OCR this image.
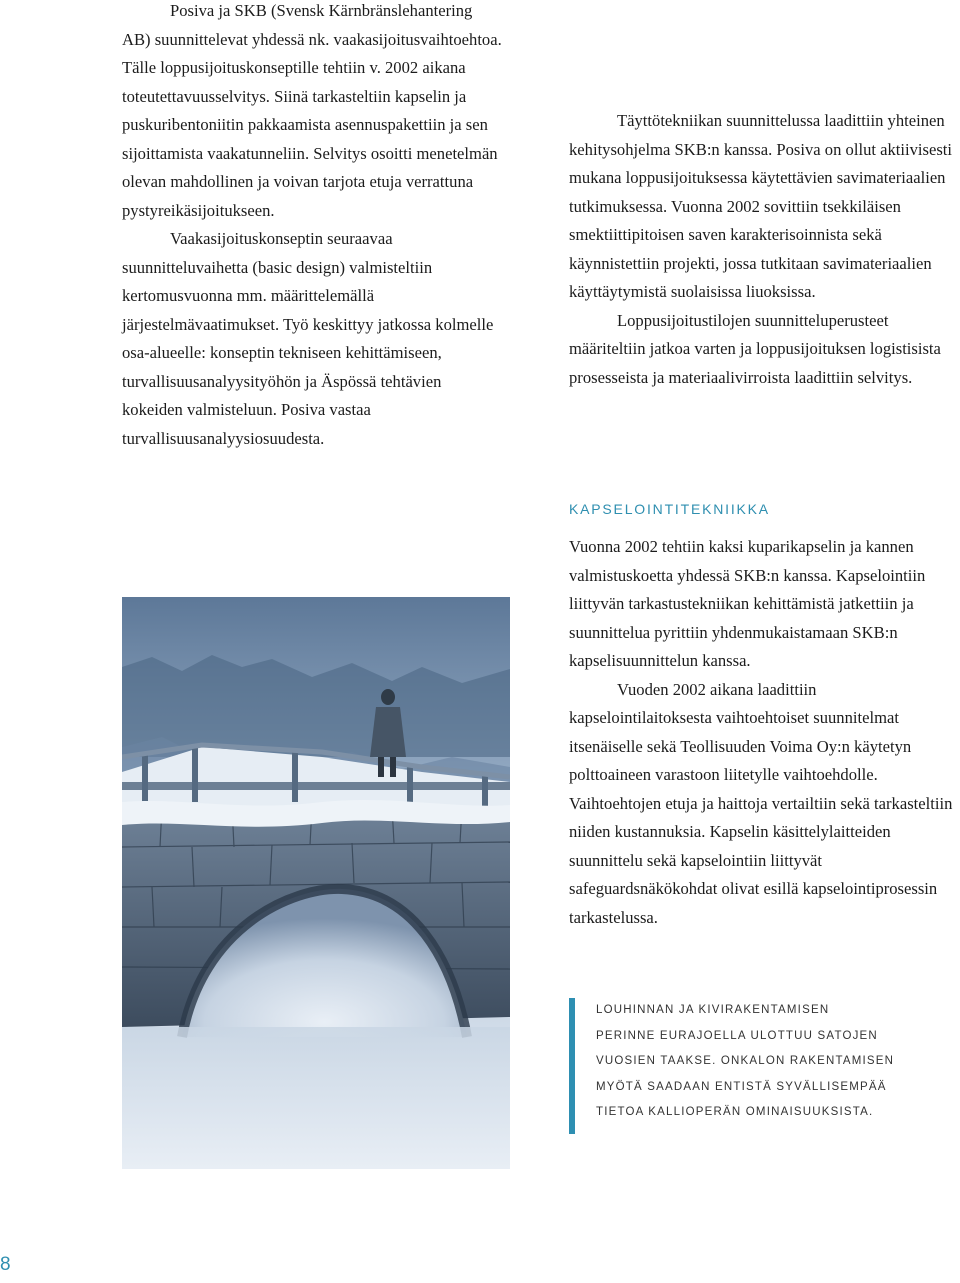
Posiva ja SKB (Svensk Kärnbränslehantering AB) suunnittelevat yhdessä nk. vaakasijoitusvaihtoehtoa. Tälle loppusijoituskonseptille tehtiin v. 2002 aikana toteutettavuusselvitys. Siinä tarkasteltiin kapselin ja puskuribentoniitin pakkaamista asennuspakettiin ja sen sijoittamista vaakatunneliin. Selvitys osoitti menetelmän olevan mahdollinen ja voivan tarjota etuja verrattuna pystyreikäsijoitukseen.

Vaakasijoituskonseptin seuraavaa suunnitteluvaihetta (basic design) valmisteltiin kertomusvuonna mm. määrittelemällä järjestelmävaatimukset. Työ keskittyy jatkossa kolmelle osa-alueelle: konseptin tekniseen kehittämiseen, turvallisuusanalyysityöhön ja Äspössä tehtävien kokeiden valmisteluun. Posiva vastaa turvallisuusanalyysiosuudesta.

Täyttötekniikan suunnittelussa laadittiin yhteinen kehitysohjelma SKB:n kanssa. Posiva on ollut aktiivisesti mukana loppusijoituksessa käytettävien savimateriaalien tutkimuksessa. Vuonna 2002 sovittiin tsekkiläisen smektiittipitoisen saven karakterisoinnista sekä käynnistettiin projekti, jossa tutkitaan savimateriaalien käyttäytymistä suolaisissa liuoksissa.

Loppusijoitustilojen suunnitteluperusteet määriteltiin jatkoa varten ja loppusijoituksen logistisista prosesseista ja materiaalivirroista laadittiin selvitys.

KAPSELOINTITEKNIIKKA

Vuonna 2002 tehtiin kaksi kuparikapselin ja kannen valmistuskoetta yhdessä SKB:n kanssa. Kapselointiin liittyvän tarkastustekniikan kehittämistä jatkettiin ja suunnittelua pyrittiin yhdenmukaistamaan SKB:n kapselisuunnittelun kanssa.

Vuoden 2002 aikana laadittiin kapselointilaitoksesta vaihtoehtoiset suunnitelmat itsenäiselle sekä Teollisuuden Voima Oy:n käytetyn polttoaineen varastoon liitetylle vaihtoehdolle. Vaihtoehtojen etuja ja haittoja vertailtiin sekä tarkasteltiin niiden kustannuksia. Kapselin käsittelylaitteiden suunnittelu sekä kapselointiin liittyvät safeguardsnäkökohdat olivat esillä kapselointiprosessin tarkastelussa.

LOUHINNAN JA KIVIRAKENTAMISEN

PERINNE EURAJOELLA ULOTTUU SATOJEN

VUOSIEN TAAKSE. ONKALON RAKENTAMISEN

MYÖTÄ SAADAAN ENTISTÄ SYVÄLLISEMPÄÄ

TIETOA KALLIOPERÄN OMINAISUUKSISTA.

8
